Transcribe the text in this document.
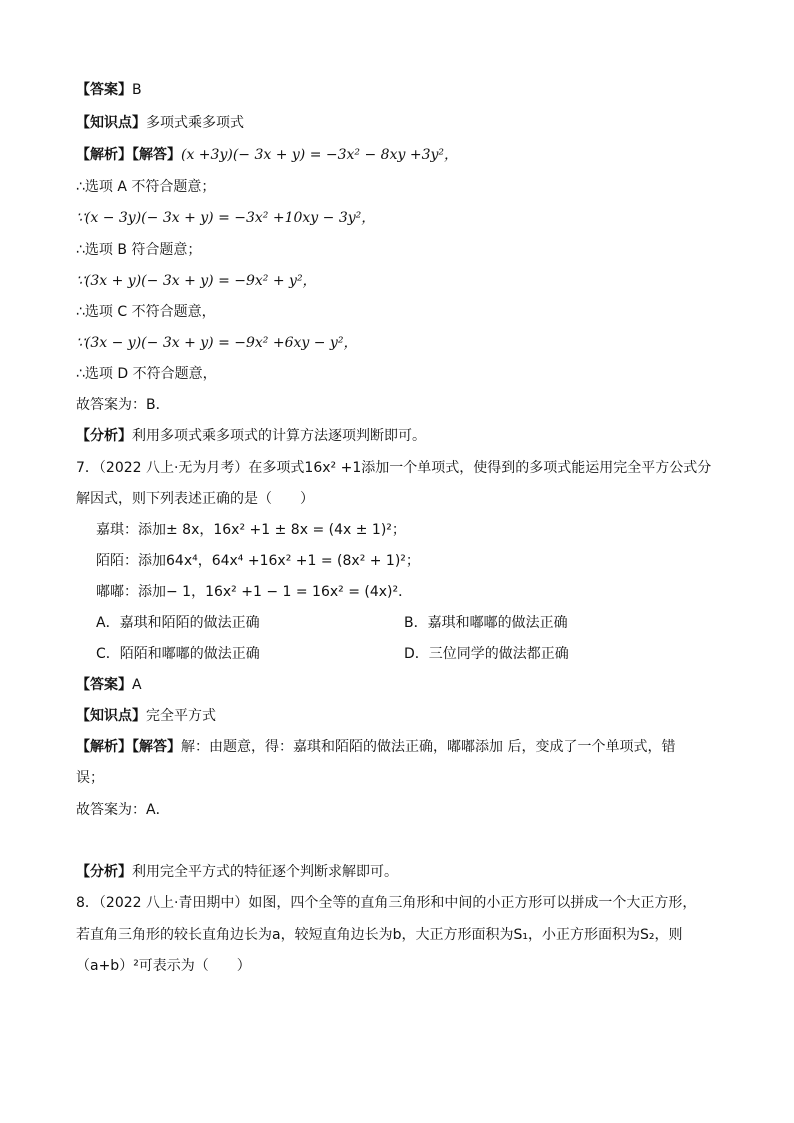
【答案】B
【知识点】多项式乘多项式
【解析】【解答】(x +3y)(− 3x + y) = −3x² − 8xy +3y²，
∴选项 A 不符合题意；
∵(x − 3y)(− 3x + y) = −3x² +10xy − 3y²，
∴选项 B 符合题意；
∵(3x + y)(− 3x + y) = −9x² + y²，
∴选项 C 不符合题意，
∵(3x − y)(− 3x + y) = −9x² +6xy − y²，
∴选项 D 不符合题意，
故答案为：B．
【分析】利用多项式乘多项式的计算方法逐项判断即可。
7．（2022 八上·无为月考）在多项式16x² +1添加一个单项式，使得到的多项式能运用完全平方公式分
解因式，则下列表述正确的是（　　）
嘉琪：添加± 8x，16x² +1 ± 8x = (4x ± 1)²；
陌陌：添加64x⁴，64x⁴ +16x² +1 = (8x² + 1)²；
嘟嘟：添加− 1，16x² +1 − 1 = 16x² = (4x)²．
A．嘉琪和陌陌的做法正确	B．嘉琪和嘟嘟的做法正确
C．陌陌和嘟嘟的做法正确	D．三位同学的做法都正确
【答案】A
【知识点】完全平方式
【解析】【解答】解：由题意，得：嘉琪和陌陌的做法正确，嘟嘟添加 后，变成了一个单项式，错
误；
故答案为：A．
【分析】利用完全平方式的特征逐个判断求解即可。
8．（2022 八上·青田期中）如图，四个全等的直角三角形和中间的小正方形可以拼成一个大正方形，
若直角三角形的较长直角边长为a，较短直角边长为b，大正方形面积为S₁，小正方形面积为S₂，则
（a+b）²可表示为（　　）
